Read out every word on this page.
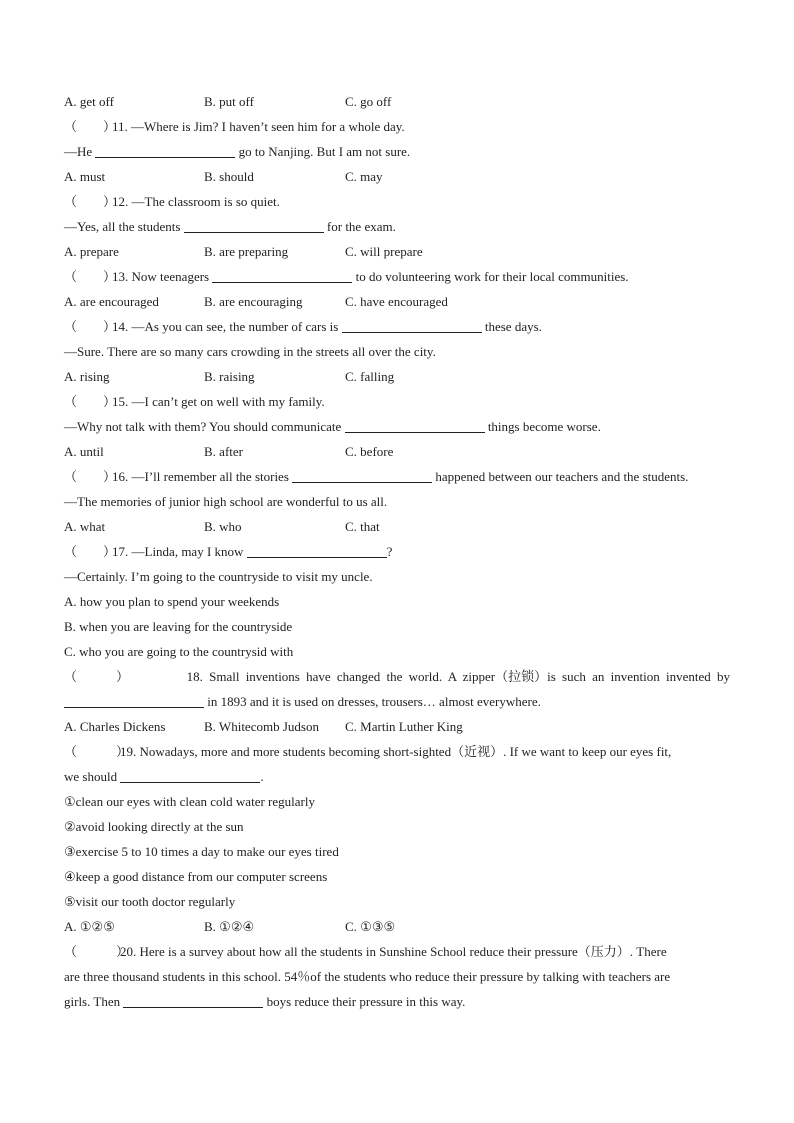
A. get off	B. put off	C. go off
（　　）11. —Where is Jim? I haven’t seen him for a whole day.
—He	go to Nanjing. But I am not sure.
A. must	B. should	C. may
（　　）12. —The classroom is so quiet.
—Yes, all the students	for the exam.
A. prepare	B. are preparing	C. will prepare
（　　）13. Now teenagers	to do volunteering work for their local communities.
A. are encouraged	B. are encouraging	C. have encouraged
（　　）14. —As you can see, the number of cars is	these days.
—Sure. There are so many cars crowding in the streets all over the city.
A. rising	B. raising	C. falling
（　　）15. —I can’t get on well with my family.
—Why not talk with them? You should communicate	things become worse.
A. until	B. after	C. before
（　　）16. —I’ll remember all the stories	happened between our teachers and the students.
—The memories of junior high school are wonderful to us all.
A. what	B. who	C. that
（　　）17. —Linda, may I know	?
—Certainly. I’m going to the countryside to visit my uncle.
A. how you plan to spend your weekends
B. when you are leaving for the countryside
C. who you are going to the countrysid with
（　　　）	18. Small inventions have changed the world. A zipper（拉锁）is such an invention invented by
in 1893 and it is used on dresses, trousers… almost everywhere.
A. Charles Dickens	B. Whitecomb Judson	C. Martin Luther King
（　　　）19. Nowadays, more and more students becoming short-sighted（近视）. If we want to keep our eyes fit,
we should	.
①clean our eyes with clean cold water regularly
②avoid looking directly at the sun
③exercise 5 to 10 times a day to make our eyes tired
④keep a good distance from our computer screens
⑤visit our tooth doctor regularly
A. ①②⑤	B. ①②④	C. ①③⑤
（　　　）20. Here is a survey about how all the students in Sunshine School reduce their pressure（压力）. There
are three thousand students in this school. 54％of the students who reduce their pressure by talking with teachers are
girls. Then	boys reduce their pressure in this way.
